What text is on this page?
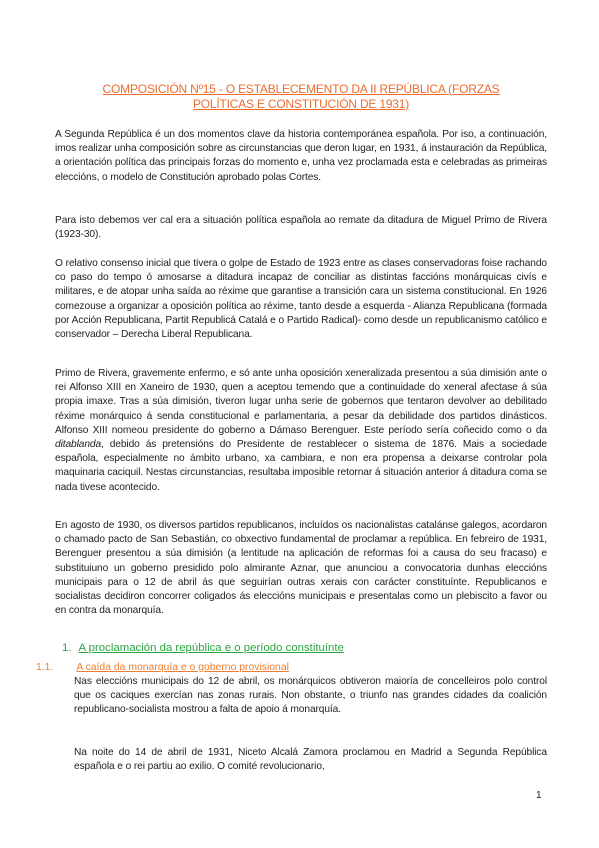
COMPOSICIÓN Nº15 - O ESTABLECEMENTO DA II REPÚBLICA (FORZAS
POLÍTICAS E CONSTITUCIÓN DE 1931)

A Segunda República é un dos momentos clave da historia contemporánea española. Por iso, a continuación, imos realizar unha composición sobre as circunstancias que deron lugar, en 1931, á instauración da República, a orientación política das principais forzas do momento e, unha vez proclamada esta e celebradas as primeiras eleccións, o modelo de Constitución aprobado polas Cortes.

Para isto debemos ver cal era a situación política española ao remate da ditadura de Miguel Primo de Rivera (1923-30).

O relativo consenso inicial que tivera o golpe de Estado de 1923 entre as clases conservadoras foise rachando co paso do tempo ó amosarse a ditadura incapaz de conciliar as distintas faccións monárquicas civís e militares, e de atopar unha saída ao réxime que garantise a transición cara un sistema constitucional. En 1926 comezouse a organizar a oposición política ao réxime, tanto desde a esquerda - Alianza Republicana (formada por Acción Republicana, Partit Republicá Catalá e o Partido Radical)- como desde un republicanismo católico e conservador – Derecha Liberal Republicana.

Primo de Rivera, gravemente enfermo, e só ante unha oposición xeneralizada presentou a súa dimisión ante o rei Alfonso XIII en Xaneiro de 1930, quen a aceptou temendo que a continuidade do xeneral afectase á súa propia imaxe. Tras a súa dimisión, tiveron lugar unha serie de gobernos que tentaron devolver ao debilitado réxime monárquico á senda constitucional e parlamentaria, a pesar da debilidade dos partidos dinásticos. Alfonso XIII nomeou presidente do goberno a Dámaso Berenguer. Este período sería coñecido como o da ditablanda, debido ás pretensións do Presidente de restablecer o sistema de 1876. Mais a sociedade española, especialmente no ámbito urbano, xa cambiara, e non era propensa a deixarse controlar pola maquinaria caciquil. Nestas circunstancias, resultaba imposible retornar á situación anterior á ditadura coma se nada tivese acontecido.

En agosto de 1930, os diversos partidos republicanos, incluídos os nacionalistas catalánse galegos, acordaron o chamado pacto de San Sebastián, co obxectivo fundamental de proclamar a república. En febreiro de 1931, Berenguer presentou a súa dimisión (a lentitude na aplicación de reformas foi a causa do seu fracaso) e substituiuno un goberno presidido polo almirante Aznar, que anunciou a convocatoria dunhas eleccións municipais para o 12 de abril ás que seguirían outras xerais con carácter constituínte. Republicanos e socialistas decidiron concorrer coligados ás eleccións municipais e presentalas como un plebiscito a favor ou en contra da monarquía.

1. A proclamación da república e o período constituínte
1.1. A caída da monarquía e o goberno provisional

Nas eleccións municipais do 12 de abril, os monárquicos obtiveron maioría de concelleiros polo control que os caciques exercían nas zonas rurais. Non obstante, o triunfo nas grandes cidades da coalición republicano-socialista mostrou a falta de apoio á monarquía.

Na noite do 14 de abril de 1931, Niceto Alcalá Zamora proclamou en Madrid a Segunda República española e o rei partiu ao exilio. O comité revolucionario,

1
